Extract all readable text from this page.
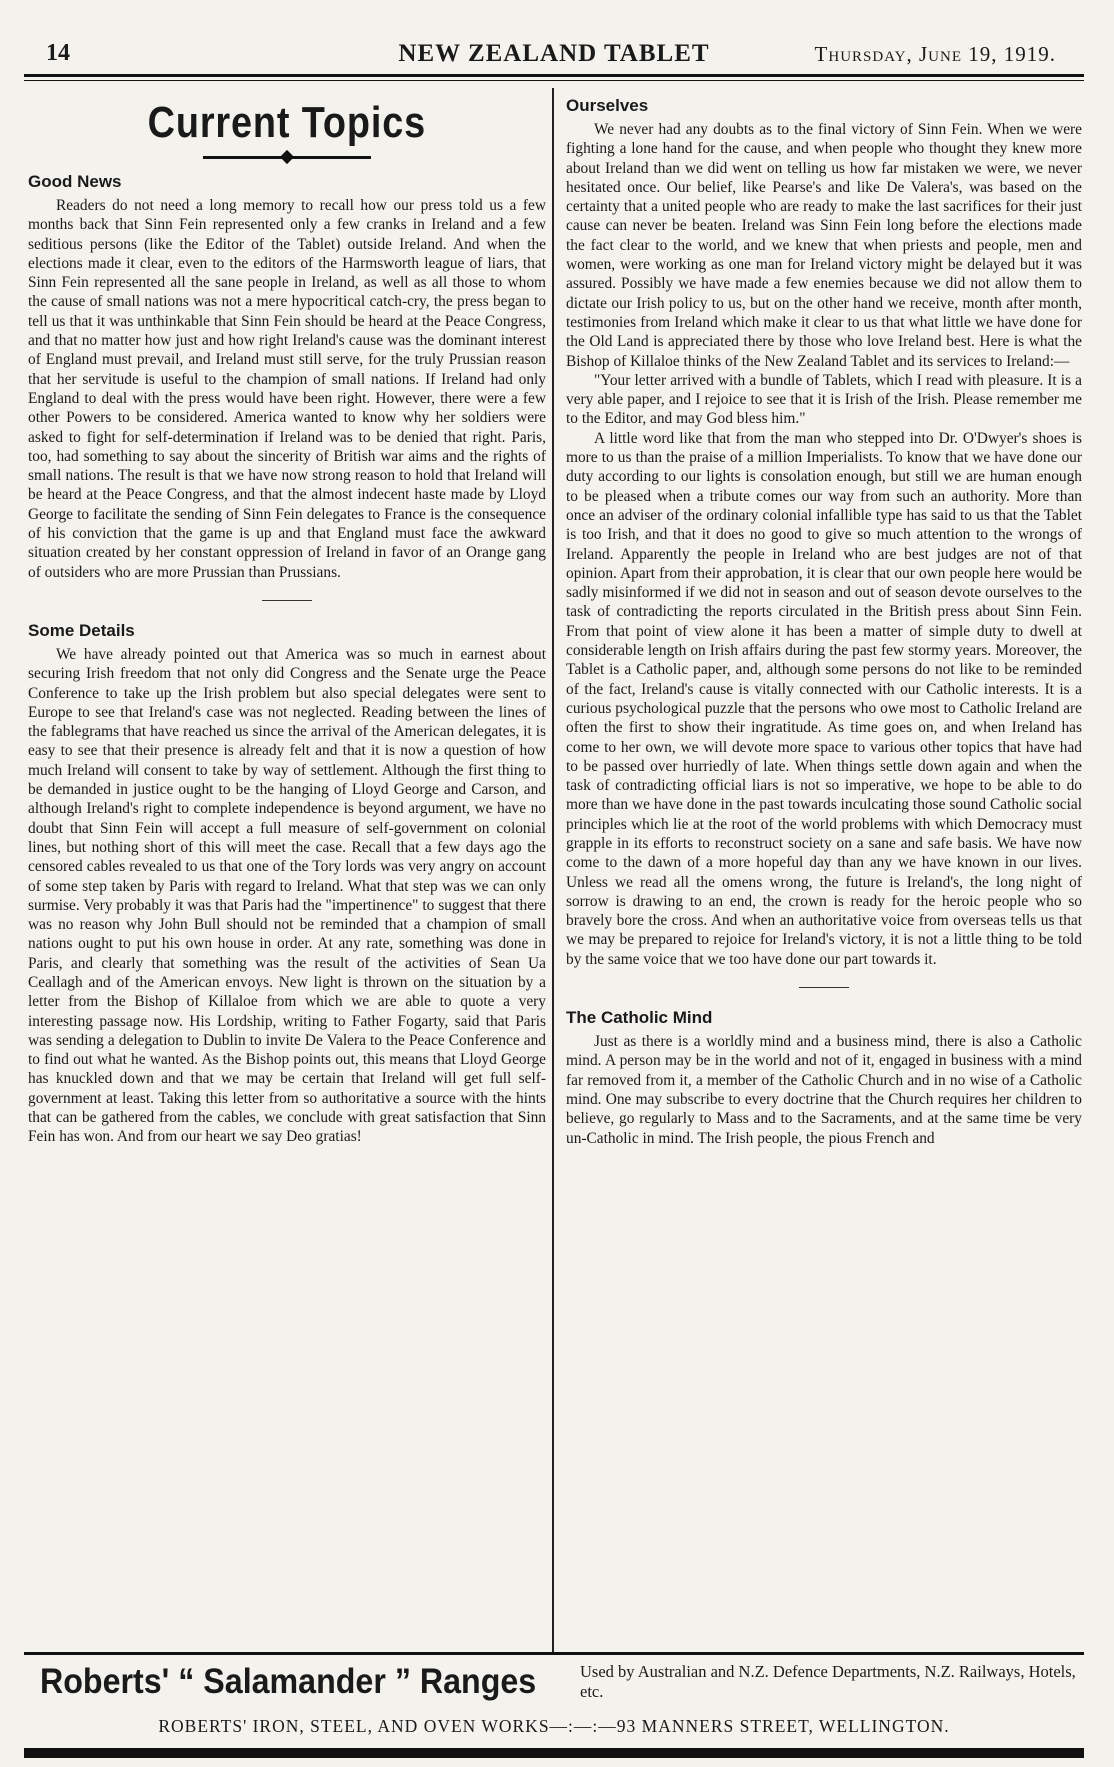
14	NEW ZEALAND TABLET	Thursday, June 19, 1919.
Current Topics
Good News

Readers do not need a long memory to recall how our press told us a few months back that Sinn Fein represented only a few cranks in Ireland and a few seditious persons (like the Editor of the Tablet) outside Ireland. And when the elections made it clear, even to the editors of the Harmsworth league of liars, that Sinn Fein represented all the sane people in Ireland, as well as all those to whom the cause of small nations was not a mere hypocritical catch-cry, the press began to tell us that it was unthinkable that Sinn Fein should be heard at the Peace Congress, and that no matter how just and how right Ireland's cause was the dominant interest of England must prevail, and Ireland must still serve, for the truly Prussian reason that her servitude is useful to the champion of small nations. If Ireland had only England to deal with the press would have been right. However, there were a few other Powers to be considered. America wanted to know why her soldiers were asked to fight for self-determination if Ireland was to be denied that right. Paris, too, had something to say about the sincerity of British war aims and the rights of small nations. The result is that we have now strong reason to hold that Ireland will be heard at the Peace Congress, and that the almost indecent haste made by Lloyd George to facilitate the sending of Sinn Fein delegates to France is the consequence of his conviction that the game is up and that England must face the awkward situation created by her constant oppression of Ireland in favor of an Orange gang of outsiders who are more Prussian than Prussians.

Some Details

We have already pointed out that America was so much in earnest about securing Irish freedom that not only did Congress and the Senate urge the Peace Conference to take up the Irish problem but also special delegates were sent to Europe to see that Ireland's case was not neglected. Reading between the lines of the fablegrams that have reached us since the arrival of the American delegates, it is easy to see that their presence is already felt and that it is now a question of how much Ireland will consent to take by way of settlement. Although the first thing to be demanded in justice ought to be the hanging of Lloyd George and Carson, and although Ireland's right to complete independence is beyond argument, we have no doubt that Sinn Fein will accept a full measure of self-government on colonial lines, but nothing short of this will meet the case. Recall that a few days ago the censored cables revealed to us that one of the Tory lords was very angry on account of some step taken by Paris with regard to Ireland. What that step was we can only surmise. Very probably it was that Paris had the "impertinence" to suggest that there was no reason why John Bull should not be reminded that a champion of small nations ought to put his own house in order. At any rate, something was done in Paris, and clearly that something was the result of the activities of Sean Ua Ceallagh and of the American envoys. New light is thrown on the situation by a letter from the Bishop of Killaloe from which we are able to quote a very interesting passage now. His Lordship, writing to Father Fogarty, said that Paris was sending a delegation to Dublin to invite De Valera to the Peace Conference and to find out what he wanted. As the Bishop points out, this means that Lloyd George has knuckled down and that we may be certain that Ireland will get full self-government at least. Taking this letter from so authoritative a source with the hints that can be gathered from the cables, we conclude with great satisfaction that Sinn Fein has won. And from our heart we say Deo gratias!

Ourselves

We never had any doubts as to the final victory of Sinn Fein. When we were fighting a lone hand for the cause, and when people who thought they knew more about Ireland than we did went on telling us how far mistaken we were, we never hesitated once. Our belief, like Pearse's and like De Valera's, was based on the certainty that a united people who are ready to make the last sacrifices for their just cause can never be beaten. Ireland was Sinn Fein long before the elections made the fact clear to the world, and we knew that when priests and people, men and women, were working as one man for Ireland victory might be delayed but it was assured. Possibly we have made a few enemies because we did not allow them to dictate our Irish policy to us, but on the other hand we receive, month after month, testimonies from Ireland which make it clear to us that what little we have done for the Old Land is appreciated there by those who love Ireland best. Here is what the Bishop of Killaloe thinks of the New Zealand Tablet and its services to Ireland:—

"Your letter arrived with a bundle of Tablets, which I read with pleasure. It is a very able paper, and I rejoice to see that it is Irish of the Irish. Please remember me to the Editor, and may God bless him."

A little word like that from the man who stepped into Dr. O'Dwyer's shoes is more to us than the praise of a million Imperialists. To know that we have done our duty according to our lights is consolation enough, but still we are human enough to be pleased when a tribute comes our way from such an authority. More than once an adviser of the ordinary colonial infallible type has said to us that the Tablet is too Irish, and that it does no good to give so much attention to the wrongs of Ireland. Apparently the people in Ireland who are best judges are not of that opinion. Apart from their approbation, it is clear that our own people here would be sadly misinformed if we did not in season and out of season devote ourselves to the task of contradicting the reports circulated in the British press about Sinn Fein. From that point of view alone it has been a matter of simple duty to dwell at considerable length on Irish affairs during the past few stormy years. Moreover, the Tablet is a Catholic paper, and, although some persons do not like to be reminded of the fact, Ireland's cause is vitally connected with our Catholic interests. It is a curious psychological puzzle that the persons who owe most to Catholic Ireland are often the first to show their ingratitude. As time goes on, and when Ireland has come to her own, we will devote more space to various other topics that have had to be passed over hurriedly of late. When things settle down again and when the task of contradicting official liars is not so imperative, we hope to be able to do more than we have done in the past towards inculcating those sound Catholic social principles which lie at the root of the world problems with which Democracy must grapple in its efforts to reconstruct society on a sane and safe basis. We have now come to the dawn of a more hopeful day than any we have known in our lives. Unless we read all the omens wrong, the future is Ireland's, the long night of sorrow is drawing to an end, the crown is ready for the heroic people who so bravely bore the cross. And when an authoritative voice from overseas tells us that we may be prepared to rejoice for Ireland's victory, it is not a little thing to be told by the same voice that we too have done our part towards it.

The Catholic Mind

Just as there is a worldly mind and a business mind, there is also a Catholic mind. A person may be in the world and not of it, engaged in business with a mind far removed from it, a member of the Catholic Church and in no wise of a Catholic mind. One may subscribe to every doctrine that the Church requires her children to believe, go regularly to Mass and to the Sacraments, and at the same time be very un-Catholic in mind. The Irish people, the pious French and

Roberts' “ Salamander ” Ranges	Used by Australian and N.Z. Defence Departments, N.Z. Railways, Hotels, etc.
ROBERTS' IRON, STEEL, AND OVEN WORKS—:—:—93 MANNERS STREET, WELLINGTON.
